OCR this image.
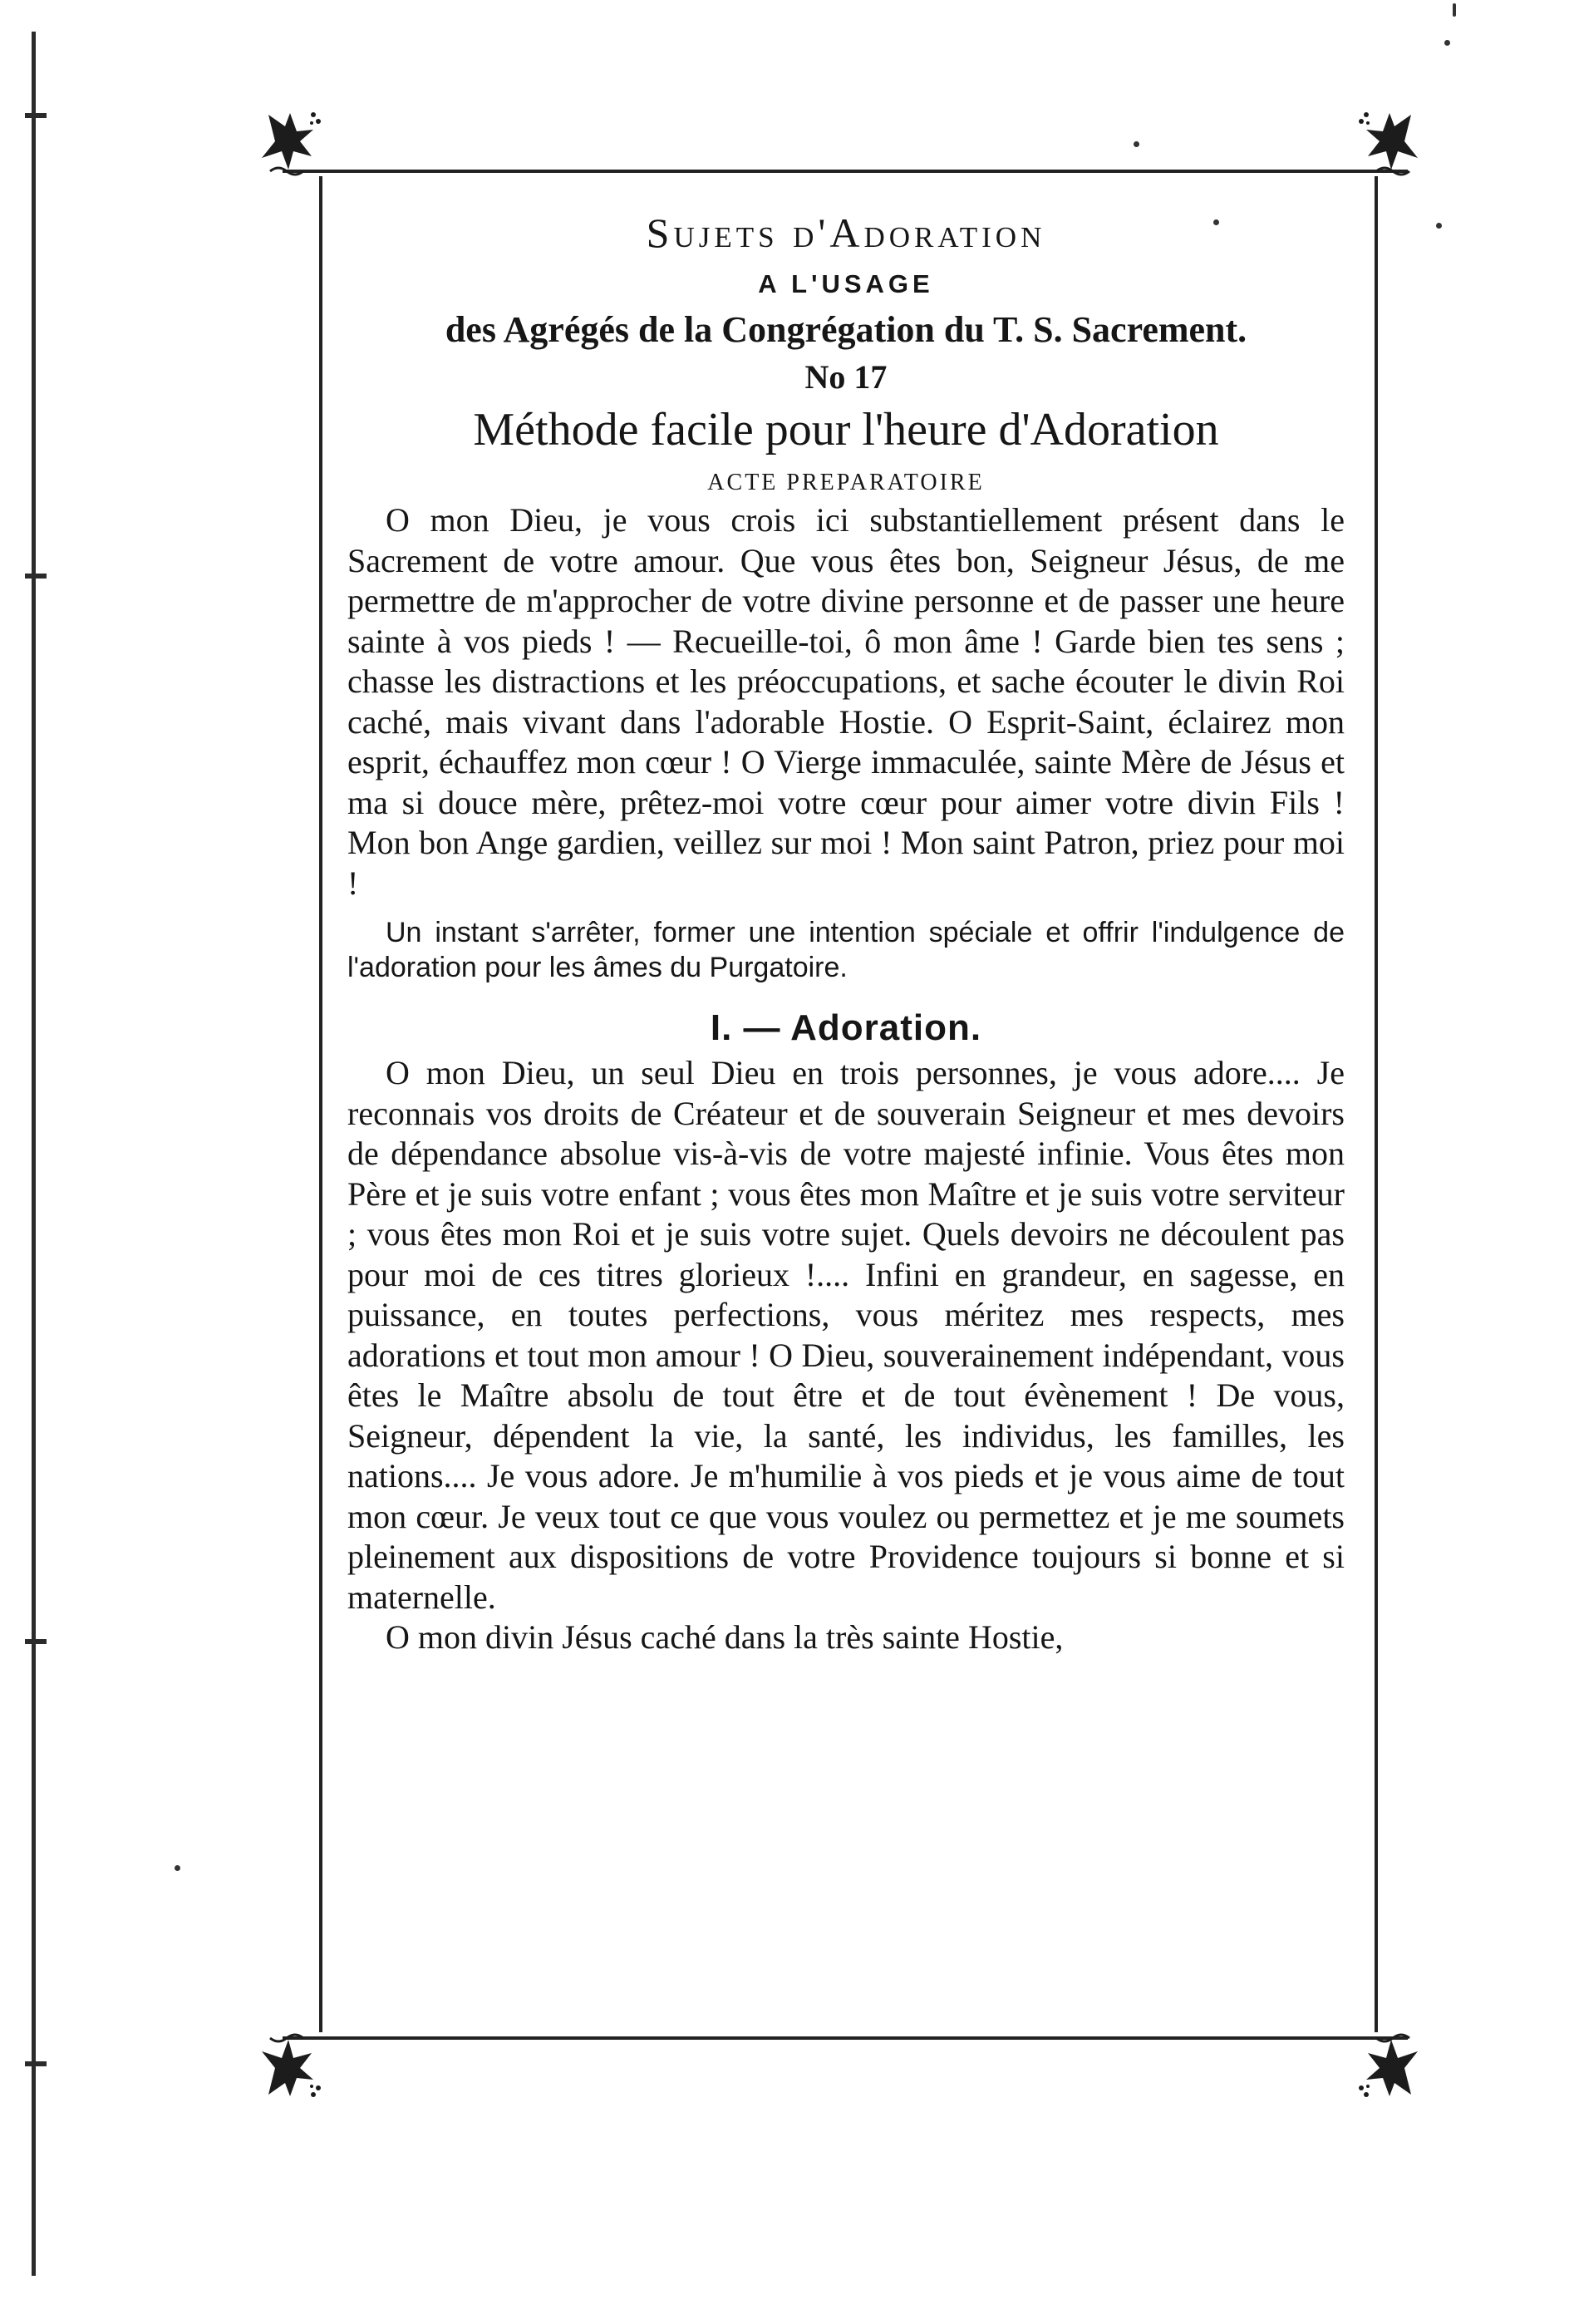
Sujets d'Adoration
A L'USAGE
des Agrégés de la Congrégation du T. S. Sacrement.
No 17
Méthode facile pour l'heure d'Adoration
ACTE PREPARATOIRE

O mon Dieu, je vous crois ici substantiellement présent dans le Sacrement de votre amour. Que vous êtes bon, Seigneur Jésus, de me permettre de m'approcher de votre divine personne et de passer une heure sainte à vos pieds ! — Recueille-toi, ô mon âme ! Garde bien tes sens ; chasse les distractions et les préoccupations, et sache écouter le divin Roi caché, mais vivant dans l'adorable Hostie. O Esprit-Saint, éclairez mon esprit, échauffez mon cœur ! O Vierge immaculée, sainte Mère de Jésus et ma si douce mère, prêtez-moi votre cœur pour aimer votre divin Fils ! Mon bon Ange gardien, veillez sur moi ! Mon saint Patron, priez pour moi !

Un instant s'arrêter, former une intention spéciale et offrir l'indulgence de l'adoration pour les âmes du Purgatoire.

I. — Adoration.

O mon Dieu, un seul Dieu en trois personnes, je vous adore.... Je reconnais vos droits de Créateur et de souverain Seigneur et mes devoirs de dépendance absolue vis-à-vis de votre majesté infinie. Vous êtes mon Père et je suis votre enfant ; vous êtes mon Maître et je suis votre serviteur ; vous êtes mon Roi et je suis votre sujet. Quels devoirs ne découlent pas pour moi de ces titres glorieux !.... Infini en grandeur, en sagesse, en puissance, en toutes perfections, vous méritez mes respects, mes adorations et tout mon amour ! O Dieu, souverainement indépendant, vous êtes le Maître absolu de tout être et de tout évènement ! De vous, Seigneur, dépendent la vie, la santé, les individus, les familles, les nations.... Je vous adore. Je m'humilie à vos pieds et je vous aime de tout mon cœur. Je veux tout ce que vous voulez ou permettez et je me soumets pleinement aux dispositions de votre Providence toujours si bonne et si maternelle.

O mon divin Jésus caché dans la très sainte Hostie,
